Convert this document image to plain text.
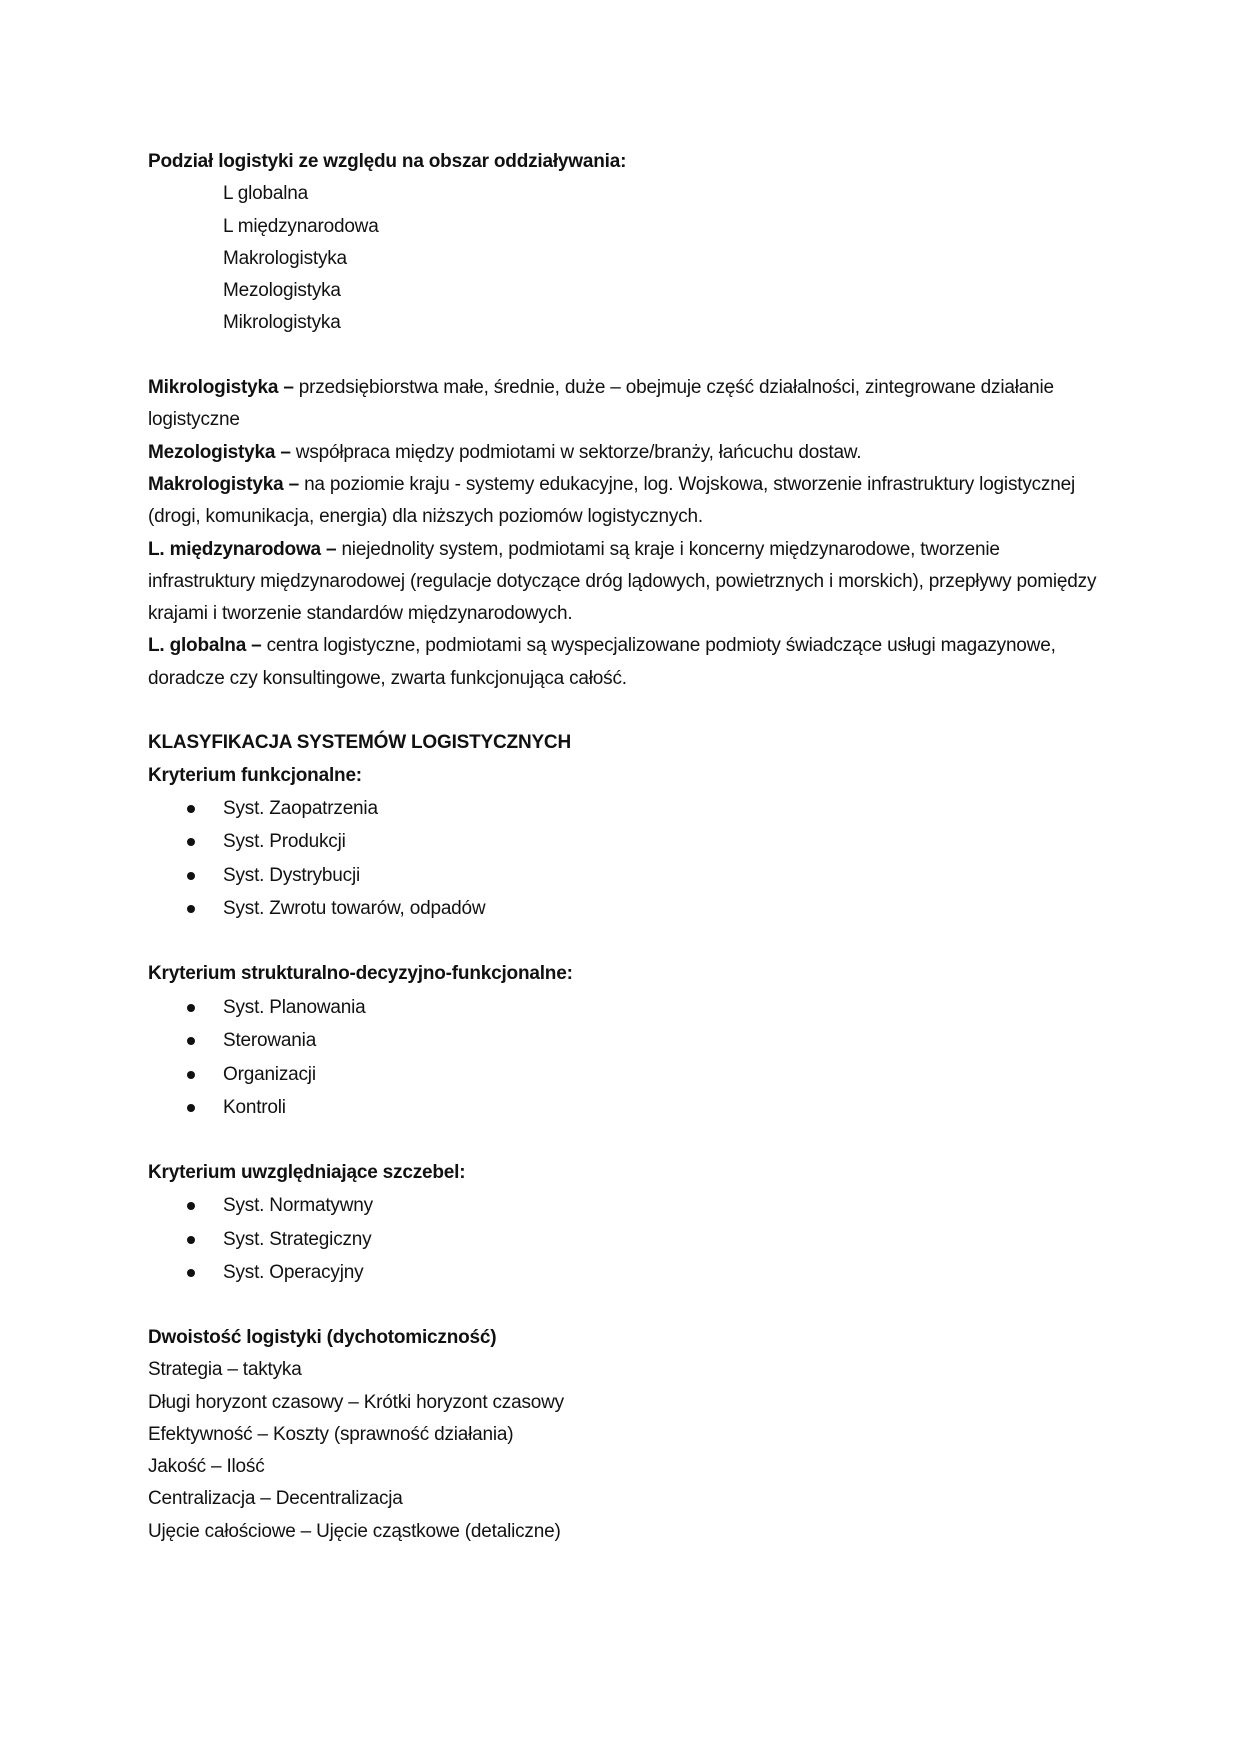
Podział logistyki ze względu na obszar oddziaływania:
L globalna
L międzynarodowa
Makrologistyka
Mezologistyka
Mikrologistyka
Mikrologistyka – przedsiębiorstwa małe, średnie, duże – obejmuje część działalności, zintegrowane działanie logistyczne
Mezologistyka – współpraca między podmiotami w sektorze/branży, łańcuchu dostaw.
Makrologistyka – na poziomie kraju - systemy edukacyjne, log. Wojskowa, stworzenie infrastruktury logistycznej (drogi, komunikacja, energia) dla niższych poziomów logistycznych.
L. międzynarodowa – niejednolity system, podmiotami są kraje i koncerny międzynarodowe, tworzenie infrastruktury międzynarodowej (regulacje dotyczące dróg lądowych, powietrznych i morskich), przepływy pomiędzy krajami i tworzenie standardów międzynarodowych.
L. globalna – centra logistyczne, podmiotami są wyspecjalizowane podmioty świadczące usługi magazynowe, doradcze czy konsultingowe, zwarta funkcjonująca całość.
KLASYFIKACJA SYSTEMÓW LOGISTYCZNYCH
Kryterium funkcjonalne:
Syst. Zaopatrzenia
Syst. Produkcji
Syst. Dystrybucji
Syst. Zwrotu towarów, odpadów
Kryterium strukturalno-decyzyjno-funkcjonalne:
Syst. Planowania
Sterowania
Organizacji
Kontroli
Kryterium uwzględniające szczebel:
Syst. Normatywny
Syst. Strategiczny
Syst. Operacyjny
Dwoistość logistyki (dychotomiczność)
Strategia – taktyka
Długi horyzont czasowy – Krótki horyzont czasowy
Efektywność – Koszty (sprawność działania)
Jakość – Ilość
Centralizacja – Decentralizacja
Ujęcie całościowe – Ujęcie cząstkowe (detaliczne)
